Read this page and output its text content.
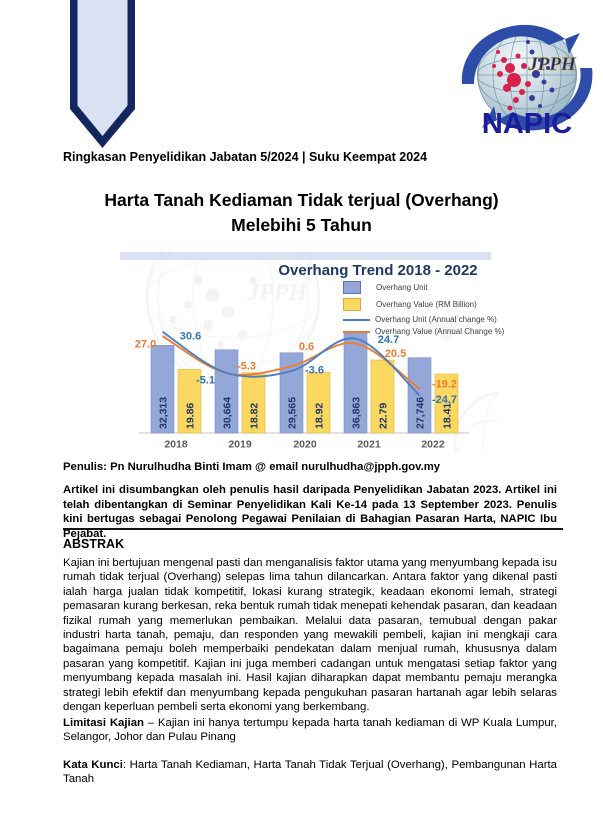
JPPH
NAPIC
Ringkasan Penyelidikan Jabatan 5/2024 | Suku Keempat 2024
Harta Tanah Kediaman Tidak terjual (Overhang)
Melebihi 5 Tahun
JPPH
32,313 19.86
2018
30,664 18.82
2019
29,565 18.92
2020
36,863 22.79
2021
27,746 18.41
2022
30.6
-5.1
-3.6
24.7
-24.7
27.0
-5.3
0.6
20.5
-19.2
Overhang Trend 2018 - 2022
Overhang Unit
Overhang Value (RM Billion)
Overhang Unit (Annual change %)
Overhang Value (Annual Change %)
Penulis: Pn Nurulhudha Binti Imam @ email nurulhudha@jpph.gov.my
Artikel ini disumbangkan oleh penulis hasil daripada Penyelidikan Jabatan 2023. Artikel ini telah dibentangkan di Seminar Penyelidikan Kali Ke-14 pada 13 September 2023. Penulis kini bertugas sebagai Penolong Pegawai Penilaian di Bahagian Pasaran Harta, NAPIC Ibu Pejabat.
ABSTRAK
Kajian ini bertujuan mengenal pasti dan menganalisis faktor utama yang menyumbang kepada isu rumah tidak terjual (Overhang) selepas lima tahun dilancarkan. Antara faktor yang dikenal pasti ialah harga jualan tidak kompetitif, lokasi kurang strategik, keadaan ekonomi lemah, strategi pemasaran kurang berkesan, reka bentuk rumah tidak menepati kehendak pasaran, dan keadaan fizikal rumah yang memerlukan pembaikan. Melalui data pasaran, temubual dengan pakar industri harta tanah, pemaju, dan responden yang mewakili pembeli, kajian ini mengkaji cara bagaimana pemaju boleh memperbaiki pendekatan dalam menjual rumah, khususnya dalam pasaran yang kompetitif. Kajian ini juga memberi cadangan untuk mengatasi setiap faktor yang menyumbang kepada masalah ini. Hasil kajian diharapkan dapat membantu pemaju merangka strategi lebih efektif dan menyumbang kepada pengukuhan pasaran hartanah agar lebih selaras dengan keperluan pembeli serta ekonomi yang berkembang.
Limitasi Kajian – Kajian ini hanya tertumpu kepada harta tanah kediaman di WP Kuala Lumpur, Selangor, Johor dan Pulau Pinang
Kata Kunci: Harta Tanah Kediaman, Harta Tanah Tidak Terjual (Overhang), Pembangunan Harta Tanah
